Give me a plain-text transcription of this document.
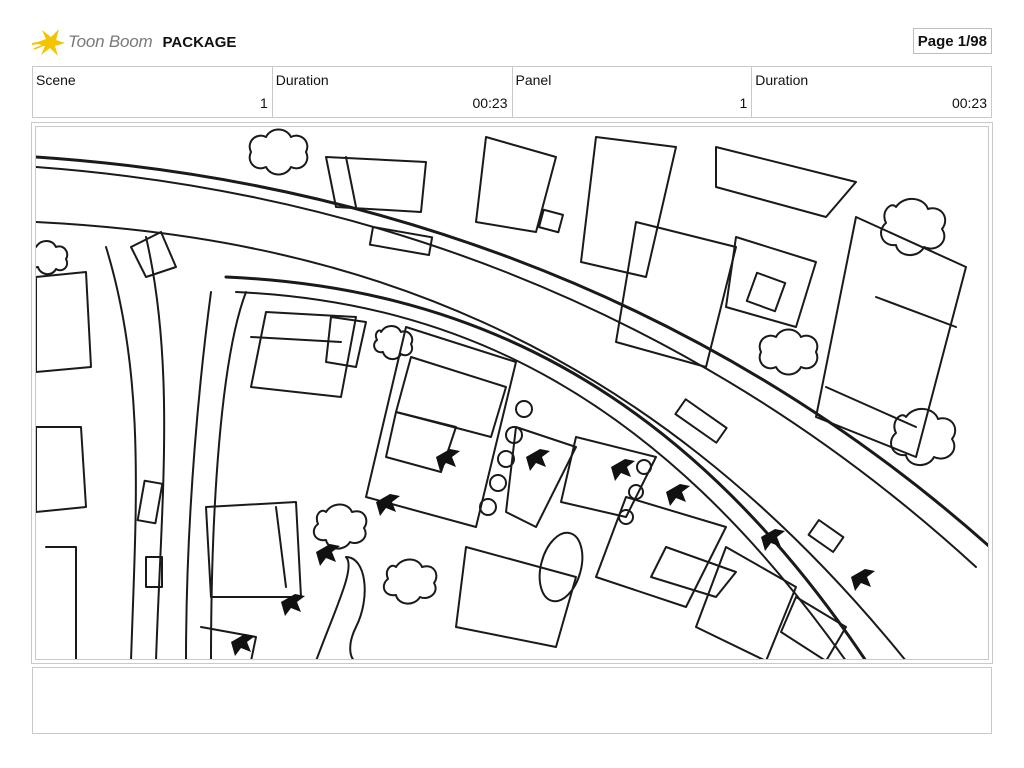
Toon Boom PACKAGE	Page 1/98
Scene
1
Duration
00:23
Panel
1
Duration
00:23
